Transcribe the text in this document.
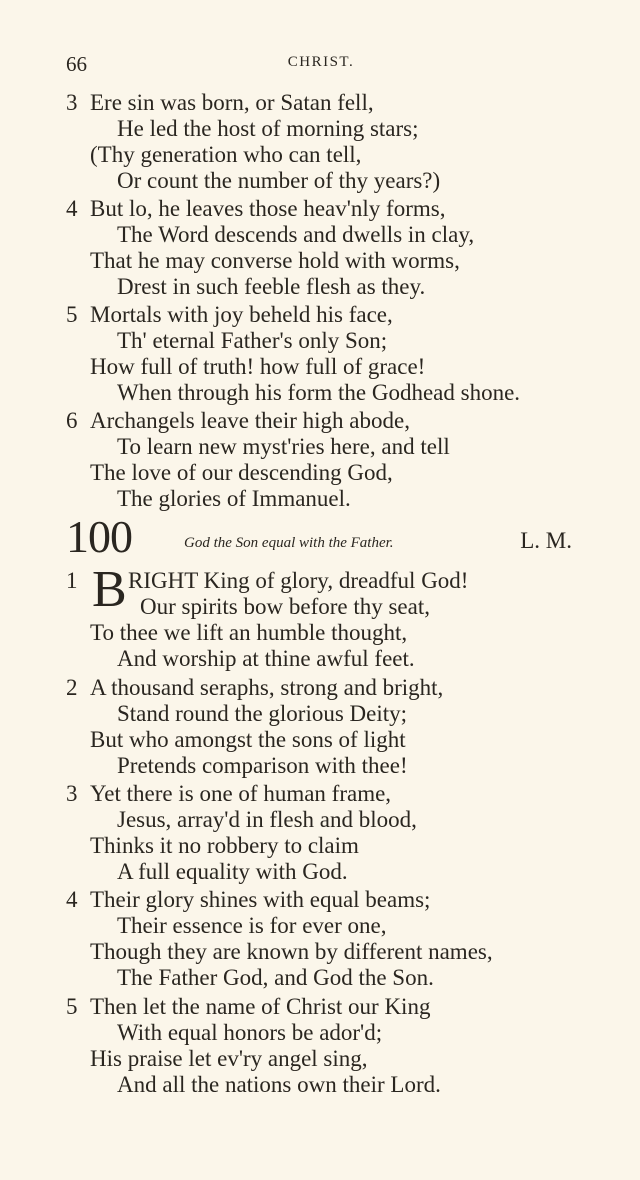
66	CHRIST.
3 Ere sin was born, or Satan fell,
He led the host of morning stars;
(Thy generation who can tell,
Or count the number of thy years?)
4 But lo, he leaves those heav'nly forms,
The Word descends and dwells in clay,
That he may converse hold with worms,
Drest in such feeble flesh as they.
5 Mortals with joy beheld his face,
Th' eternal Father's only Son;
How full of truth! how full of grace!
When through his form the Godhead shone.
6 Archangels leave their high abode,
To learn new myst'ries here, and tell
The love of our descending God,
The glories of Immanuel.
100	God the Son equal with the Father.	L. M.
1 B RIGHT King of glory, dreadful God!
Our spirits bow before thy seat,
To thee we lift an humble thought,
And worship at thine awful feet.
2 A thousand seraphs, strong and bright,
Stand round the glorious Deity;
But who amongst the sons of light
Pretends comparison with thee!
3 Yet there is one of human frame,
Jesus, array'd in flesh and blood,
Thinks it no robbery to claim
A full equality with God.
4 Their glory shines with equal beams;
Their essence is for ever one,
Though they are known by different names,
The Father God, and God the Son.
5 Then let the name of Christ our King
With equal honors be ador'd;
His praise let ev'ry angel sing,
And all the nations own their Lord.
